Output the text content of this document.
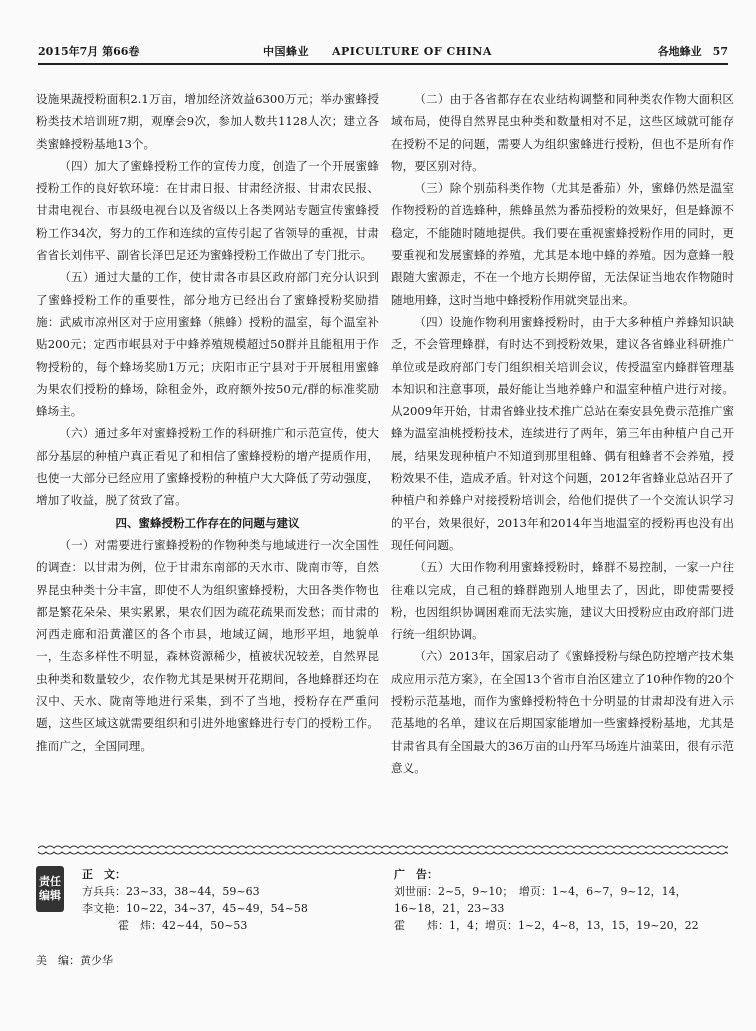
2015年7月 第66卷	中国蜂业　　APICULTURE OF CHINA	各地蜂业　57

设施果蔬授粉面积2.1万亩，增加经济效益6300万元；举办蜜蜂授粉类技术培训班7期，观摩会9次，参加人数共1128人次；建立各类蜜蜂授粉基地13个。

（四）加大了蜜蜂授粉工作的宣传力度，创造了一个开展蜜蜂授粉工作的良好软环境：在甘肃日报、甘肃经济报、甘肃农民报、甘肃电视台、市县级电视台以及省级以上各类网站专题宣传蜜蜂授粉工作34次，努力的工作和连续的宣传引起了省领导的重视，甘肃省省长刘伟平、副省长泽巴足还为蜜蜂授粉工作做出了专门批示。

（五）通过大量的工作，使甘肃各市县区政府部门充分认识到了蜜蜂授粉工作的重要性，部分地方已经出台了蜜蜂授粉奖励措施：武威市凉州区对于应用蜜蜂（熊蜂）授粉的温室，每个温室补贴200元；定西市岷县对于中蜂养殖规模超过50群并且能租用于作物授粉的，每个蜂场奖励1万元；庆阳市正宁县对于开展租用蜜蜂为果农们授粉的蜂场，除租金外，政府额外按50元/群的标准奖励蜂场主。

（六）通过多年对蜜蜂授粉工作的科研推广和示范宣传，使大部分基层的种植户真正看见了和相信了蜜蜂授粉的增产提质作用，也使一大部分已经应用了蜜蜂授粉的种植户大大降低了劳动强度，增加了收益，脱了贫致了富。

四、蜜蜂授粉工作存在的问题与建议

（一）对需要进行蜜蜂授粉的作物种类与地域进行一次全国性的调查：以甘肃为例，位于甘肃东南部的天水市、陇南市等，自然界昆虫种类十分丰富，即使不人为组织蜜蜂授粉，大田各类作物也都是繁花朵朵、果实累累，果农们因为疏花疏果而发愁；而甘肃的河西走廊和沿黄灌区的各个市县，地域辽阔，地形平坦，地貌单一，生态多样性不明显，森林资源稀少，植被状况较差，自然界昆虫种类和数量较少，农作物尤其是果树开花期间，各地蜂群还均在汉中、天水、陇南等地进行采集，到不了当地，授粉存在严重问题，这些区域这就需要组织和引进外地蜜蜂进行专门的授粉工作。推而广之，全国同理。

（二）由于各省都存在农业结构调整和同种类农作物大面积区域布局，使得自然界昆虫种类和数量相对不足，这些区域就可能存在授粉不足的问题，需要人为组织蜜蜂进行授粉，但也不是所有作物，要区别对待。

（三）除个别茄科类作物（尤其是番茄）外，蜜蜂仍然是温室作物授粉的首选蜂种，熊蜂虽然为番茄授粉的效果好，但是蜂源不稳定，不能随时随地提供。我们要在重视蜜蜂授粉作用的同时，更要重视和发展蜜蜂的养殖，尤其是本地中蜂的养殖。因为意蜂一般跟随大蜜源走，不在一个地方长期停留，无法保证当地农作物随时随地用蜂，这时当地中蜂授粉作用就突显出来。

（四）设施作物利用蜜蜂授粉时，由于大多种植户养蜂知识缺乏，不会管理蜂群，有时达不到授粉效果，建议各省蜂业科研推广单位或是政府部门专门组织相关培训会议，传授温室内蜂群管理基本知识和注意事项，最好能让当地养蜂户和温室种植户进行对接。从2009年开始，甘肃省蜂业技术推广总站在秦安县免费示范推广蜜蜂为温室油桃授粉技术，连续进行了两年，第三年由种植户自己开展，结果发现种植户不知道到那里租蜂、偶有租蜂者不会养殖，授粉效果不佳，造成矛盾。针对这个问题，2012年省蜂业总站召开了种植户和养蜂户对接授粉培训会，给他们提供了一个交流认识学习的平台，效果很好，2013年和2014年当地温室的授粉再也没有出现任何问题。

（五）大田作物利用蜜蜂授粉时，蜂群不易控制，一家一户往往难以完成，自己租的蜂群跑别人地里去了，因此，即使需要授粉，也因组织协调困难而无法实施，建议大田授粉应由政府部门进行统一组织协调。

（六）2013年，国家启动了《蜜蜂授粉与绿色防控增产技术集成应用示范方案》，在全国13个省市自治区建立了10种作物的20个授粉示范基地，而作为蜜蜂授粉特色十分明显的甘肃却没有进入示范基地的名单，建议在后期国家能增加一些蜜蜂授粉基地，尤其是甘肃省具有全国最大的36万亩的山丹军马场连片油菜田，很有示范意义。

责任
编辑
正　文：
方兵兵：23~33，38~44，59~63
李文艳：10~22，34~37，45~49，54~58
霍　炜：42~44，50~53
美　编：黄少华
广　告：
刘世丽：2~5，9~10；　增页：1~4，6~7，9~12，14，16~18，21，23~33
霍　　炜：1，4；增页：1~2，4~8，13，15，19~20，22
